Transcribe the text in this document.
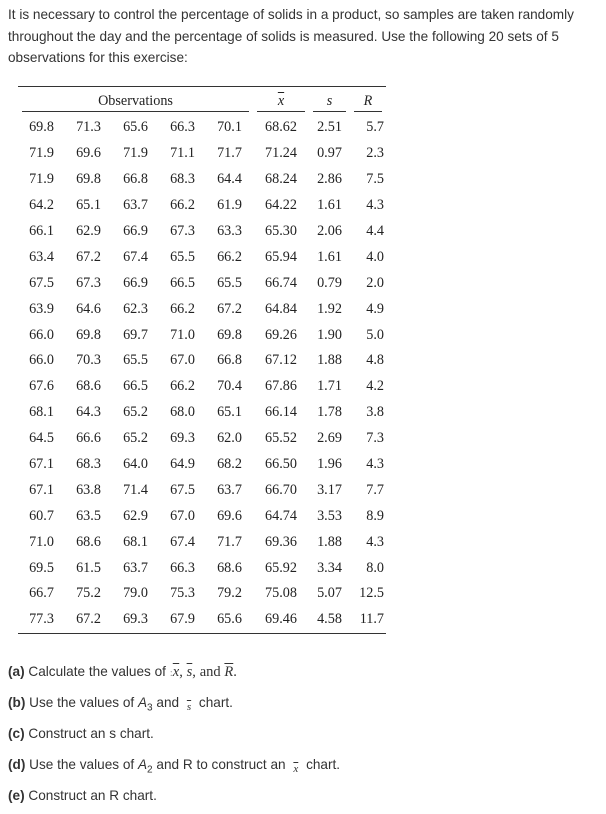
It is necessary to control the percentage of solids in a product, so samples are taken randomly throughout the day and the percentage of solids is measured. Use the following 20 sets of 5 observations for this exercise:

Observations					$\overline{x}$	s	R

69.8	71.3	65.6	66.3	70.1	68.62	2.51	5.7
71.9	69.6	71.9	71.1	71.7	71.24	0.97	2.3
71.9	69.8	66.8	68.3	64.4	68.24	2.86	7.5
64.2	65.1	63.7	66.2	61.9	64.22	1.61	4.3
66.1	62.9	66.9	67.3	63.3	65.30	2.06	4.4
63.4	67.2	67.4	65.5	66.2	65.94	1.61	4.0
67.5	67.3	66.9	66.5	65.5	66.74	0.79	2.0
63.9	64.6	62.3	66.2	67.2	64.84	1.92	4.9
66.0	69.8	69.7	71.0	69.8	69.26	1.90	5.0
66.0	70.3	65.5	67.0	66.8	67.12	1.88	4.8
67.6	68.6	66.5	66.2	70.4	67.86	1.71	4.2
68.1	64.3	65.2	68.0	65.1	66.14	1.78	3.8
64.5	66.6	65.2	69.3	62.0	65.52	2.69	7.3
67.1	68.3	64.0	64.9	68.2	66.50	1.96	4.3
67.1	63.8	71.4	67.5	63.7	66.70	3.17	7.7
60.7	63.5	62.9	67.0	69.6	64.74	3.53	8.9
71.0	68.6	68.1	67.4	71.7	69.36	1.88	4.3
69.5	61.5	63.7	66.3	68.6	65.92	3.34	8.0
66.7	75.2	79.0	75.3	79.2	75.08	5.07	12.5
77.3	67.2	69.3	67.9	65.6	69.46	4.58	11.7
(a) Calculate the values of $:\overline{x}$, $\overline{s}$, and $\overline{R}$.
(b) Use the values of $A_3$ and $_{\overline{s}}$ chart.
(c) Construct an s chart.
(d) Use the values of $A_2$ and R to construct an $_{\overline{x}}$ chart.
(e) Construct an R chart.
